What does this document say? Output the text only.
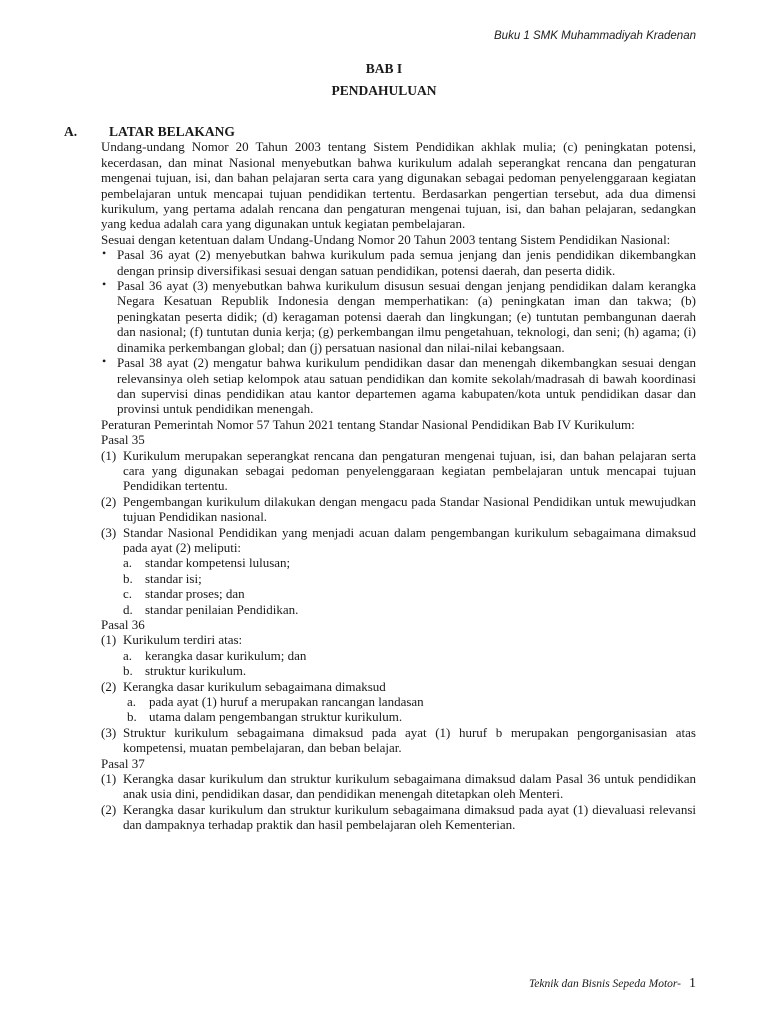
Buku 1 SMK Muhammadiyah Kradenan
BAB I
PENDAHULUAN
A. LATAR BELAKANG
Undang-undang Nomor 20 Tahun 2003 tentang Sistem Pendidikan akhlak mulia; (c) peningkatan potensi, kecerdasan, dan minat Nasional menyebutkan bahwa kurikulum adalah seperangkat rencana dan pengaturan mengenai tujuan, isi, dan bahan pelajaran serta cara yang digunakan sebagai pedoman penyelenggaraan kegiatan pembelajaran untuk mencapai tujuan pendidikan tertentu. Berdasarkan pengertian tersebut, ada dua dimensi kurikulum, yang pertama adalah rencana dan pengaturan mengenai tujuan, isi, dan bahan pelajaran, sedangkan yang kedua adalah cara yang digunakan untuk kegiatan pembelajaran.
Sesuai dengan ketentuan dalam Undang-Undang Nomor 20 Tahun 2003 tentang Sistem Pendidikan Nasional:
• Pasal 36 ayat (2) menyebutkan bahwa kurikulum pada semua jenjang dan jenis pendidikan dikembangkan dengan prinsip diversifikasi sesuai dengan satuan pendidikan, potensi daerah, dan peserta didik.
• Pasal 36 ayat (3) menyebutkan bahwa kurikulum disusun sesuai dengan jenjang pendidikan dalam kerangka Negara Kesatuan Republik Indonesia dengan memperhatikan: (a) peningkatan iman dan takwa; (b) peningkatan peserta didik; (d) keragaman potensi daerah dan lingkungan; (e) tuntutan pembangunan daerah dan nasional; (f) tuntutan dunia kerja; (g) perkembangan ilmu pengetahuan, teknologi, dan seni; (h) agama; (i) dinamika perkembangan global; dan (j) persatuan nasional dan nilai-nilai kebangsaan.
• Pasal 38 ayat (2) mengatur bahwa kurikulum pendidikan dasar dan menengah dikembangkan sesuai dengan relevansinya oleh setiap kelompok atau satuan pendidikan dan komite sekolah/madrasah di bawah koordinasi dan supervisi dinas pendidikan atau kantor departemen agama kabupaten/kota untuk pendidikan dasar dan provinsi untuk pendidikan menengah.
Peraturan Pemerintah Nomor 57 Tahun 2021 tentang Standar Nasional Pendidikan Bab IV Kurikulum:
Pasal 35
(1) Kurikulum merupakan seperangkat rencana dan pengaturan mengenai tujuan, isi, dan bahan pelajaran serta cara yang digunakan sebagai pedoman penyelenggaraan kegiatan pembelajaran untuk mencapai tujuan Pendidikan tertentu.
(2) Pengembangan kurikulum dilakukan dengan mengacu pada Standar Nasional Pendidikan untuk mewujudkan tujuan Pendidikan nasional.
(3) Standar Nasional Pendidikan yang menjadi acuan dalam pengembangan kurikulum sebagaimana dimaksud pada ayat (2) meliputi:
a. standar kompetensi lulusan;
b. standar isi;
c. standar proses; dan
d. standar penilaian Pendidikan.
Pasal 36
(1) Kurikulum terdiri atas:
a. kerangka dasar kurikulum; dan
b. struktur kurikulum.
(2) Kerangka dasar kurikulum sebagaimana dimaksud
a. pada ayat (1) huruf a merupakan rancangan landasan
b. utama dalam pengembangan struktur kurikulum.
(3) Struktur kurikulum sebagaimana dimaksud pada ayat (1) huruf b merupakan pengorganisasian atas kompetensi, muatan pembelajaran, dan beban belajar.
Pasal 37
(1) Kerangka dasar kurikulum dan struktur kurikulum sebagaimana dimaksud dalam Pasal 36 untuk pendidikan anak usia dini, pendidikan dasar, dan pendidikan menengah ditetapkan oleh Menteri.
(2) Kerangka dasar kurikulum dan struktur kurikulum sebagaimana dimaksud pada ayat (1) dievaluasi relevansi dan dampaknya terhadap praktik dan hasil pembelajaran oleh Kementerian.
Teknik dan Bisnis Sepeda Motor- 1
